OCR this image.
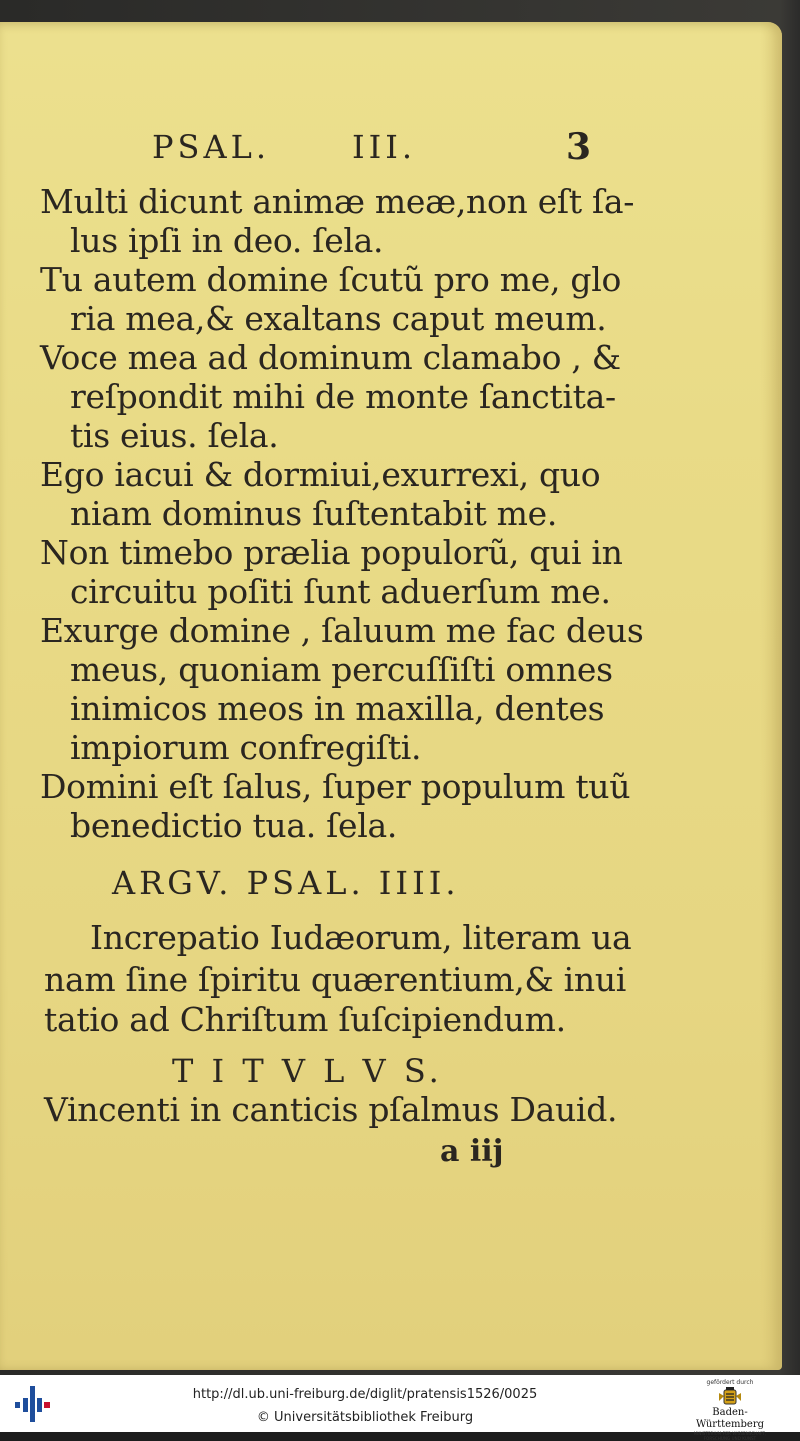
PSAL.	III.	3
Multi dicunt animæ meæ,non eſt ſa-
lus ipſi in deo. ſela.
Tu autem domine ſcutũ pro me, glo
ria mea,& exaltans caput meum.
Voce mea ad dominum clamabo , &
reſpondit mihi de monte ſanctita-
tis eius. ſela.
Ego iacui & dormiui,exurrexi, quo
niam dominus ſuſtentabit me.
Non timebo prælia populorũ, qui in
circuitu poſiti ſunt aduerſum me.
Exurge domine , ſaluum me fac deus
meus, quoniam percuſſiſti omnes
inimicos meos in maxilla, dentes
impiorum confregiſti.
Domini eſt ſalus, ſuper populum tuũ
benedictio tua. ſela.
ARGV. PSAL. IIII.
Increpatio Iudæorum, literam ua
nam ſine ſpiritu quærentium,& inui
tatio ad Chriſtum ſuſcipiendum.
T I T V L V S.
Vincenti in canticis pſalmus Dauid.
a iij
http://dl.ub.uni-freiburg.de/diglit/pratensis1526/0025
© Universitätsbibliothek Freiburg
gefördert durch
Baden-Württemberg
MINISTERIUM FÜR WISSENSCHAFT, FORSCHUNG UND KUNST
